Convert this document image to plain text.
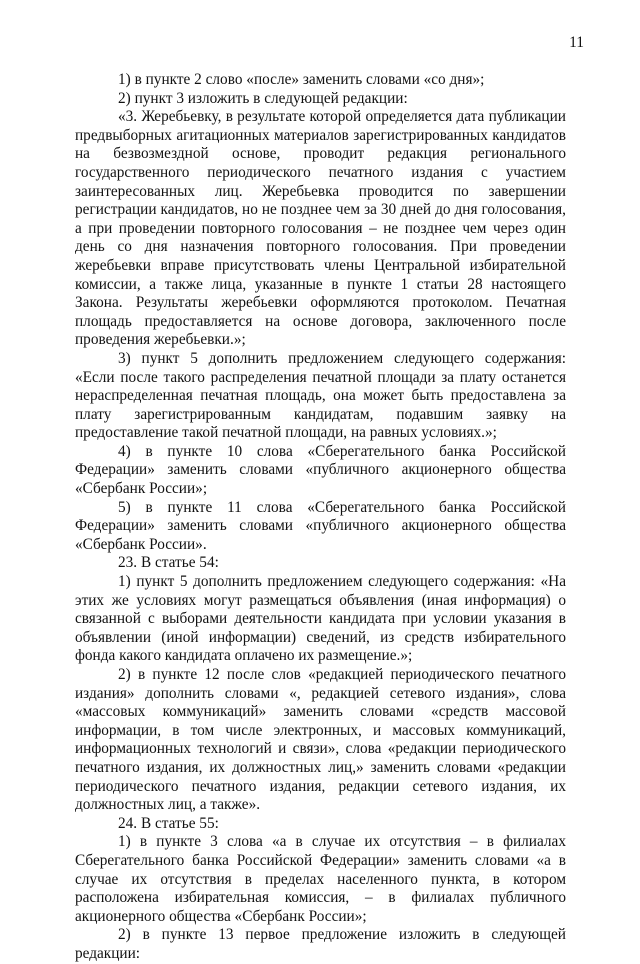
11

1) в пункте 2 слово «после» заменить словами «со дня»;

2) пункт 3 изложить в следующей редакции:

«3. Жеребьевку, в результате которой определяется дата публикации предвыборных агитационных материалов зарегистрированных кандидатов на безвозмездной основе, проводит редакция регионального государственного периодического печатного издания с участием заинтересованных лиц. Жеребьевка проводится по завершении регистрации кандидатов, но не позднее чем за 30 дней до дня голосования, а при проведении повторного голосования – не позднее чем через один день со дня назначения повторного голосования. При проведении жеребьевки вправе присутствовать члены Центральной избирательной комиссии, а также лица, указанные в пункте 1 статьи 28 настоящего Закона. Результаты жеребьевки оформляются протоколом. Печатная площадь предоставляется на основе договора, заключенного после проведения жеребьевки.»;

3) пункт 5 дополнить предложением следующего содержания: «Если после такого распределения печатной площади за плату останется нераспределенная печатная площадь, она может быть предоставлена за плату зарегистрированным кандидатам, подавшим заявку на предоставление такой печатной площади, на равных условиях.»;

4) в пункте 10 слова «Сберегательного банка Российской Федерации» заменить словами «публичного акционерного общества «Сбербанк России»;

5) в пункте 11 слова «Сберегательного банка Российской Федерации» заменить словами «публичного акционерного общества «Сбербанк России».

23. В статье 54:

1) пункт 5 дополнить предложением следующего содержания: «На этих же условиях могут размещаться объявления (иная информация) о связанной с выборами деятельности кандидата при условии указания в объявлении (иной информации) сведений, из средств избирательного фонда какого кандидата оплачено их размещение.»;

2) в пункте 12 после слов «редакцией периодического печатного издания» дополнить словами «, редакцией сетевого издания», слова «массовых коммуникаций» заменить словами «средств массовой информации, в том числе электронных, и массовых коммуникаций, информационных технологий и связи», слова «редакции периодического печатного издания, их должностных лиц,» заменить словами «редакции периодического печатного издания, редакции сетевого издания, их должностных лиц, а также».

24. В статье 55:

1) в пункте 3 слова «а в случае их отсутствия – в филиалах Сберегательного банка Российской Федерации» заменить словами «а в случае их отсутствия в пределах населенного пункта, в котором расположена избирательная комиссия, – в филиалах публичного акционерного общества «Сбербанк России»;

2) в пункте 13 первое предложение изложить в следующей редакции:
